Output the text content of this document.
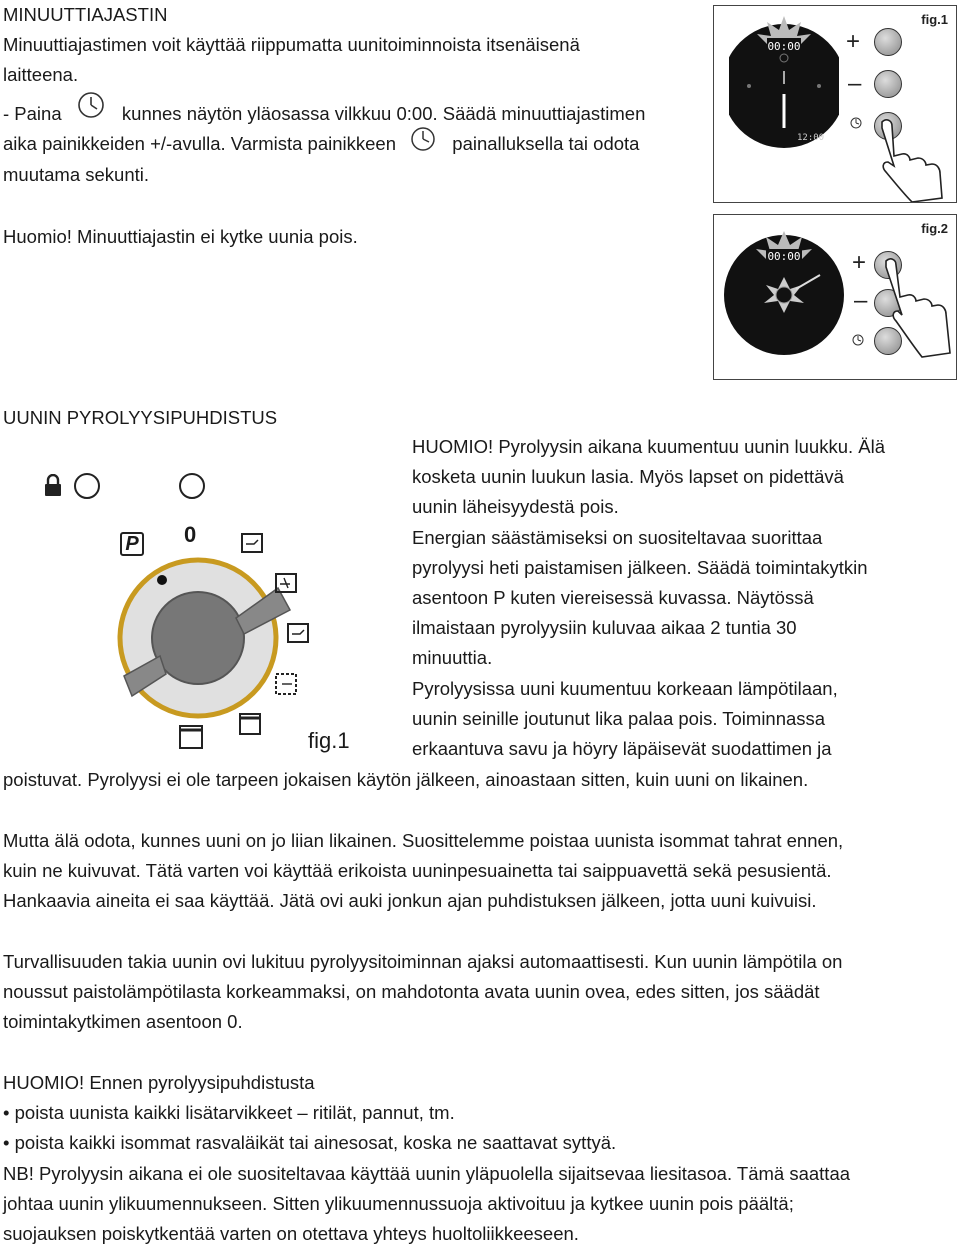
MINUUTTIAJASTIN
Minuuttiajastimen voit käyttää riippumatta uunitoiminnoista itsenäisenä
laitteena.
- Paina	kunnes näytön yläosassa vilkkuu 0:00. Säädä minuuttiajastimen
aika painikkeiden +/-avulla. Varmista painikkeen	painalluksella tai odota
muutama sekunti.
Huomio! Minuuttiajastin ei kytke uunia pois.
fig.1
00:00
12:00
+
–
fig.2
00:00 +
–
UUNIN PYROLYYSIPUHDISTUS
P 0
fig.1

HUOMIO! Pyrolyysin aikana kuumentuu uunin luukku. Älä

kosketa uunin luukun lasia. Myös lapset on pidettävä

uunin läheisyydestä pois.

Energian säästämiseksi on suositeltavaa suorittaa

pyrolyysi heti paistamisen jälkeen. Säädä toimintakytkin

asentoon P kuten viereisessä kuvassa. Näytössä

ilmaistaan pyrolyysiin kuluvaa aikaa 2 tuntia 30

minuuttia.

Pyrolyysissa uuni kuumentuu korkeaan lämpötilaan,

uunin seinille joutunut lika palaa pois. Toiminnassa

erkaantuva savu ja höyry läpäisevät suodattimen ja

poistuvat. Pyrolyysi ei ole tarpeen jokaisen käytön jälkeen, ainoastaan sitten, kuin uuni on likainen.

Mutta älä odota, kunnes uuni on jo liian likainen. Suosittelemme poistaa uunista isommat tahrat ennen,

kuin ne kuivuvat. Tätä varten voi käyttää erikoista uuninpesuainetta tai saippuavettä sekä pesusientä.

Hankaavia aineita ei saa käyttää. Jätä ovi auki jonkun ajan puhdistuksen jälkeen, jotta uuni kuivuisi.

Turvallisuuden takia uunin ovi lukituu pyrolyysitoiminnan ajaksi automaattisesti. Kun uunin lämpötila on

noussut paistolämpötilasta korkeammaksi, on mahdotonta avata uunin ovea, edes sitten, jos säädät

toimintakytkimen asentoon 0.

HUOMIO! Ennen pyrolyysipuhdistusta

• poista uunista kaikki lisätarvikkeet – ritilät, pannut, tm.

• poista kaikki isommat rasvaläikät tai ainesosat, koska ne saattavat syttyä.

NB! Pyrolyysin aikana ei ole suositeltavaa käyttää uunin yläpuolella sijaitsevaa liesitasoa. Tämä saattaa

johtaa uunin ylikuumennukseen. Sitten ylikuumennussuoja aktivoituu ja kytkee uunin pois päältä;

suojauksen poiskytkentää varten on otettava yhteys huoltoliikkeeseen.
